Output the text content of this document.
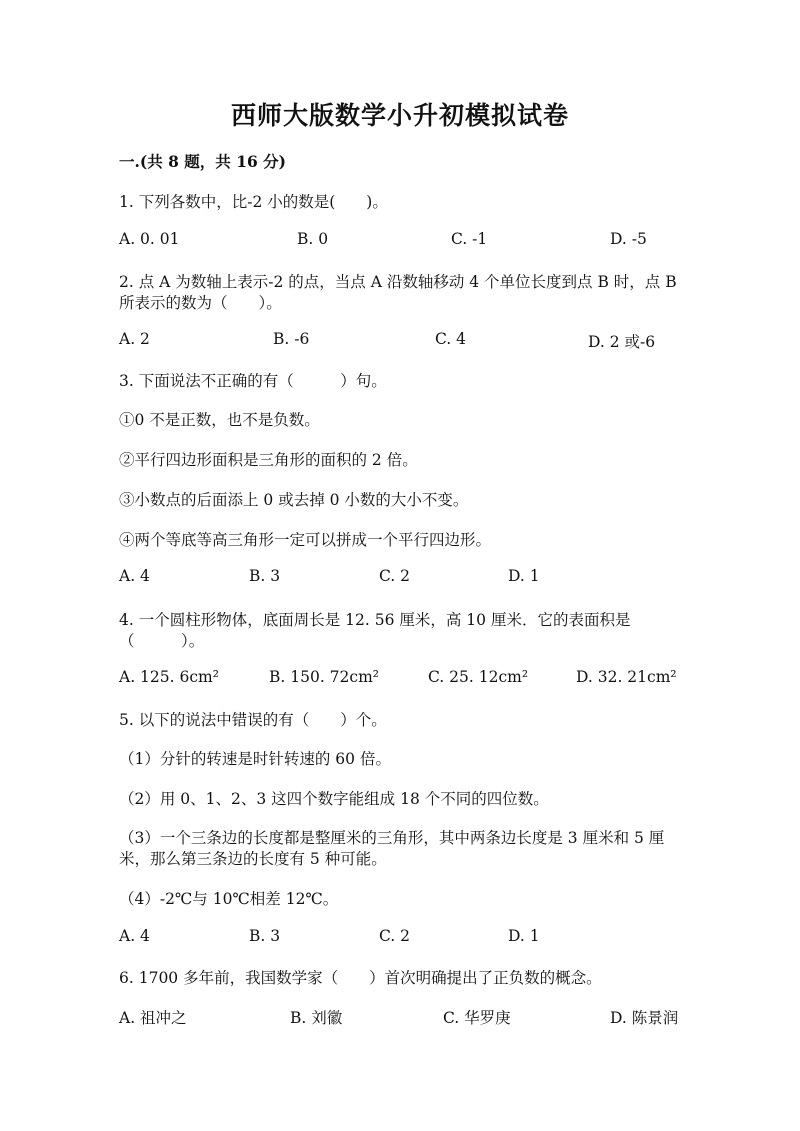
西师大版数学小升初模拟试卷
一.(共 8 题，共 16 分)
1. 下列各数中，比-2 小的数是(　　)。
A. 0. 01	B. 0	C. -1	D. -5
2. 点 A 为数轴上表示-2 的点，当点 A 沿数轴移动 4 个单位长度到点 B 时，点 B
所表示的数为（　　）。
A. 2	B. -6	C. 4	D. 2 或-6
3. 下面说法不正确的有（　　　）句。
①0 不是正数，也不是负数。
②平行四边形面积是三角形的面积的 2 倍。
③小数点的后面添上 0 或去掉 0 小数的大小不变。
④两个等底等高三角形一定可以拼成一个平行四边形。
A. 4	B. 3	C. 2	D. 1
4. 一个圆柱形物体，底面周长是 12. 56 厘米，高 10 厘米．它的表面积是
（　　　）。
A. 125. 6cm²	B. 150. 72cm²	C. 25. 12cm²	D. 32. 21cm²
5. 以下的说法中错误的有（　　）个。
（1）分针的转速是时针转速的 60 倍。
（2）用 0、1、2、3 这四个数字能组成 18 个不同的四位数。
（3）一个三条边的长度都是整厘米的三角形，其中两条边长度是 3 厘米和 5 厘
米，那么第三条边的长度有 5 种可能。
（4）-2℃与 10℃相差 12℃。
A. 4	B. 3	C. 2	D. 1
6. 1700 多年前，我国数学家（　　）首次明确提出了正负数的概念。
A. 祖冲之	B. 刘徽	C. 华罗庚	D. 陈景润
